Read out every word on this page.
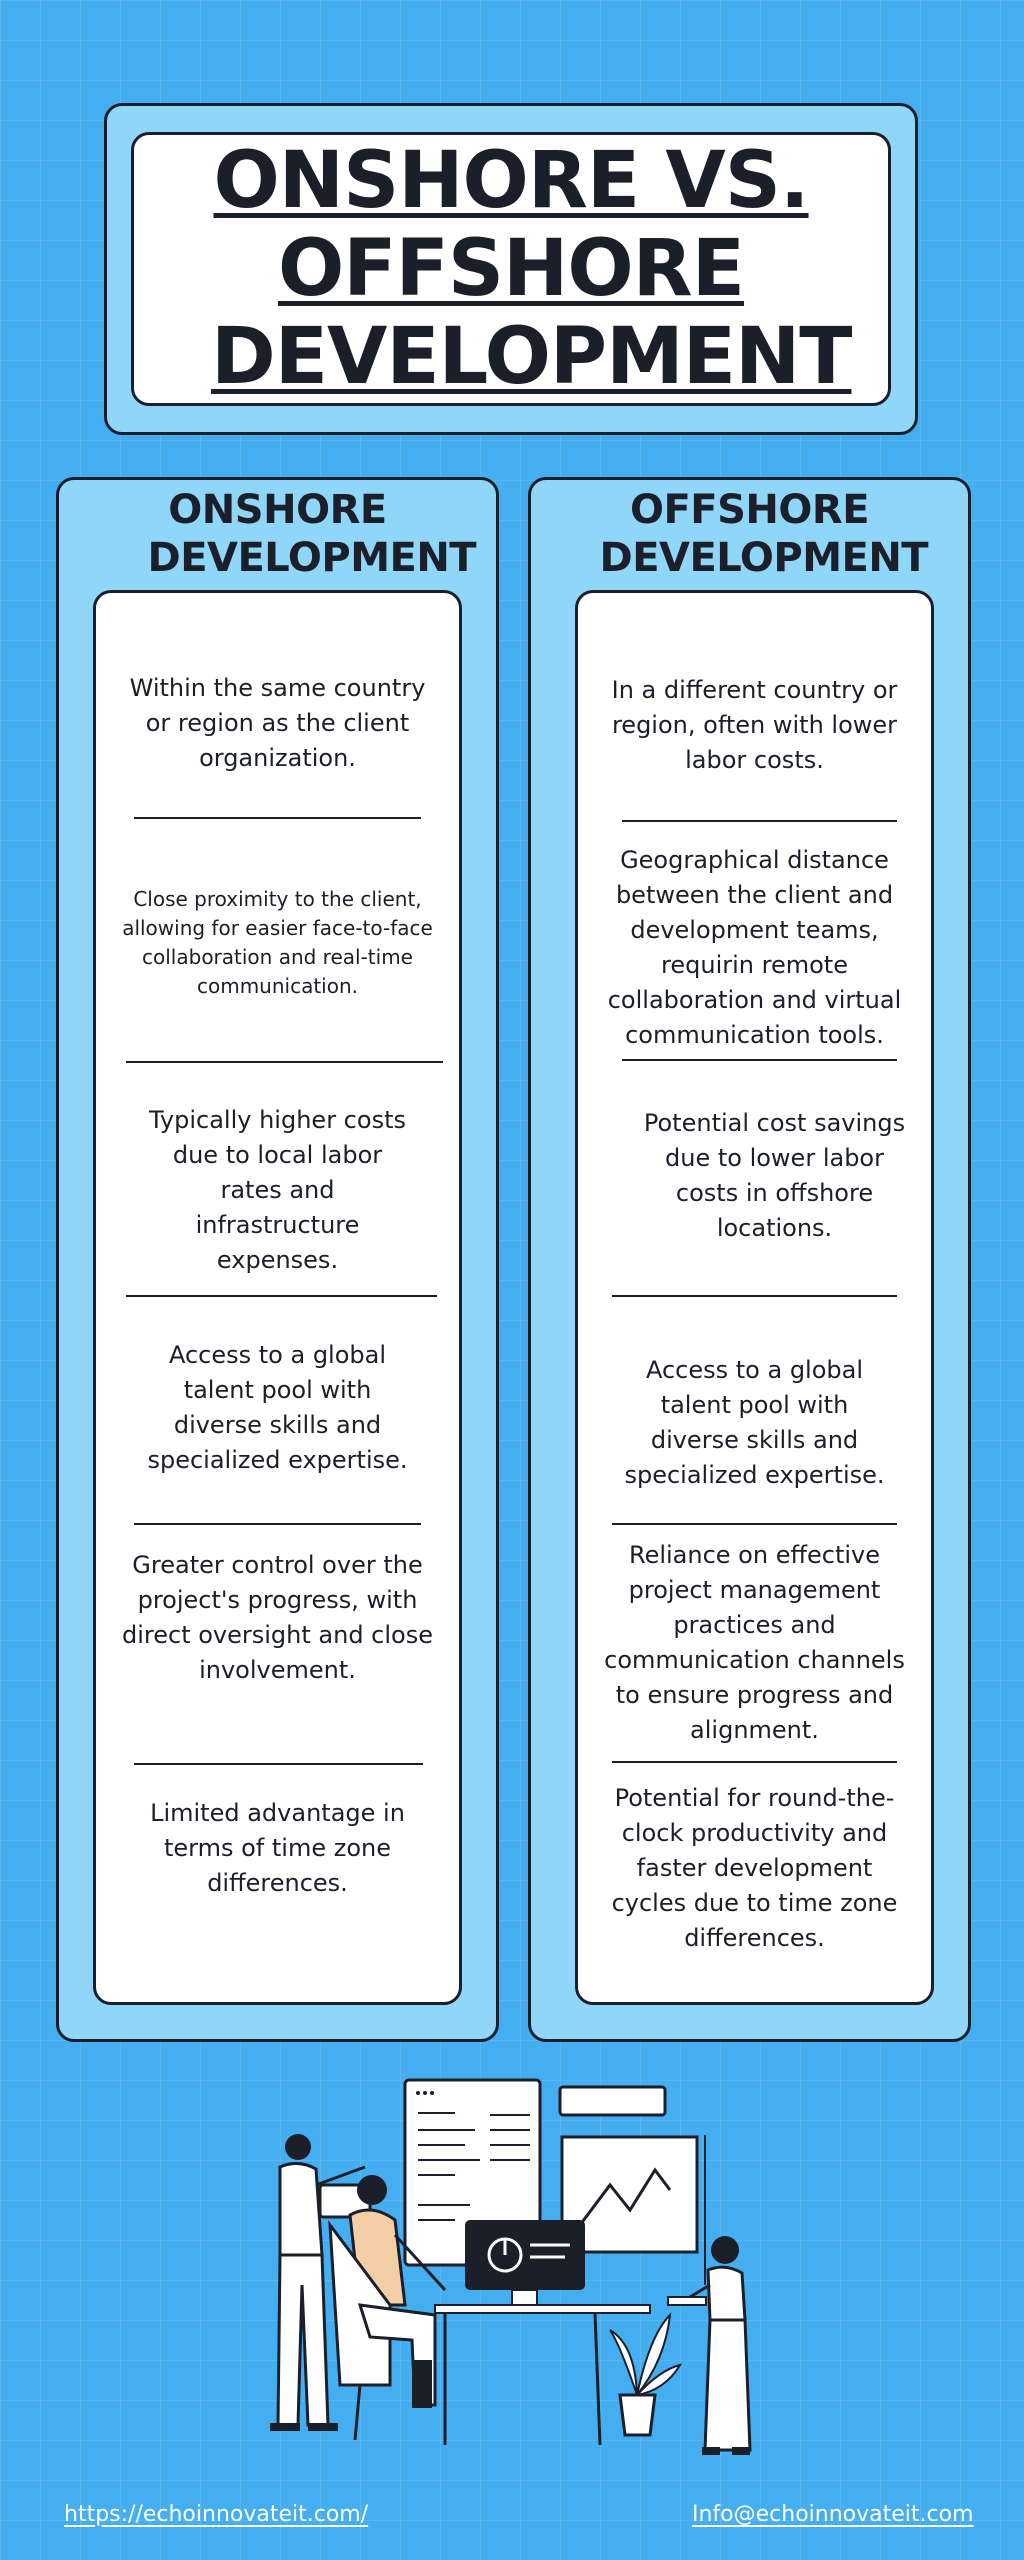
ONSHORE VS. OFFSHORE DEVELOPMENT
ONSHORE DEVELOPMENT

Within the same country or region as the client organization.

Close proximity to the client, allowing for easier face-to-face collaboration and real-time communication.

Typically higher costs due to local labor rates and infrastructure expenses.

Access to a global talent pool with diverse skills and specialized expertise.

Greater control over the project's progress, with direct oversight and close involvement.

Limited advantage in terms of time zone differences.

OFFSHORE DEVELOPMENT

In a different country or region, often with lower labor costs.

Geographical distance between the client and development teams, requirin remote collaboration and virtual communication tools.

Potential cost savings due to lower labor costs in offshore locations.

Access to a global talent pool with diverse skills and specialized expertise.

Reliance on effective project management practices and communication channels to ensure progress and alignment.

Potential for round-the-clock productivity and faster development cycles due to time zone differences.

https://echoinnovateit.com/	Info@echoinnovateit.com
